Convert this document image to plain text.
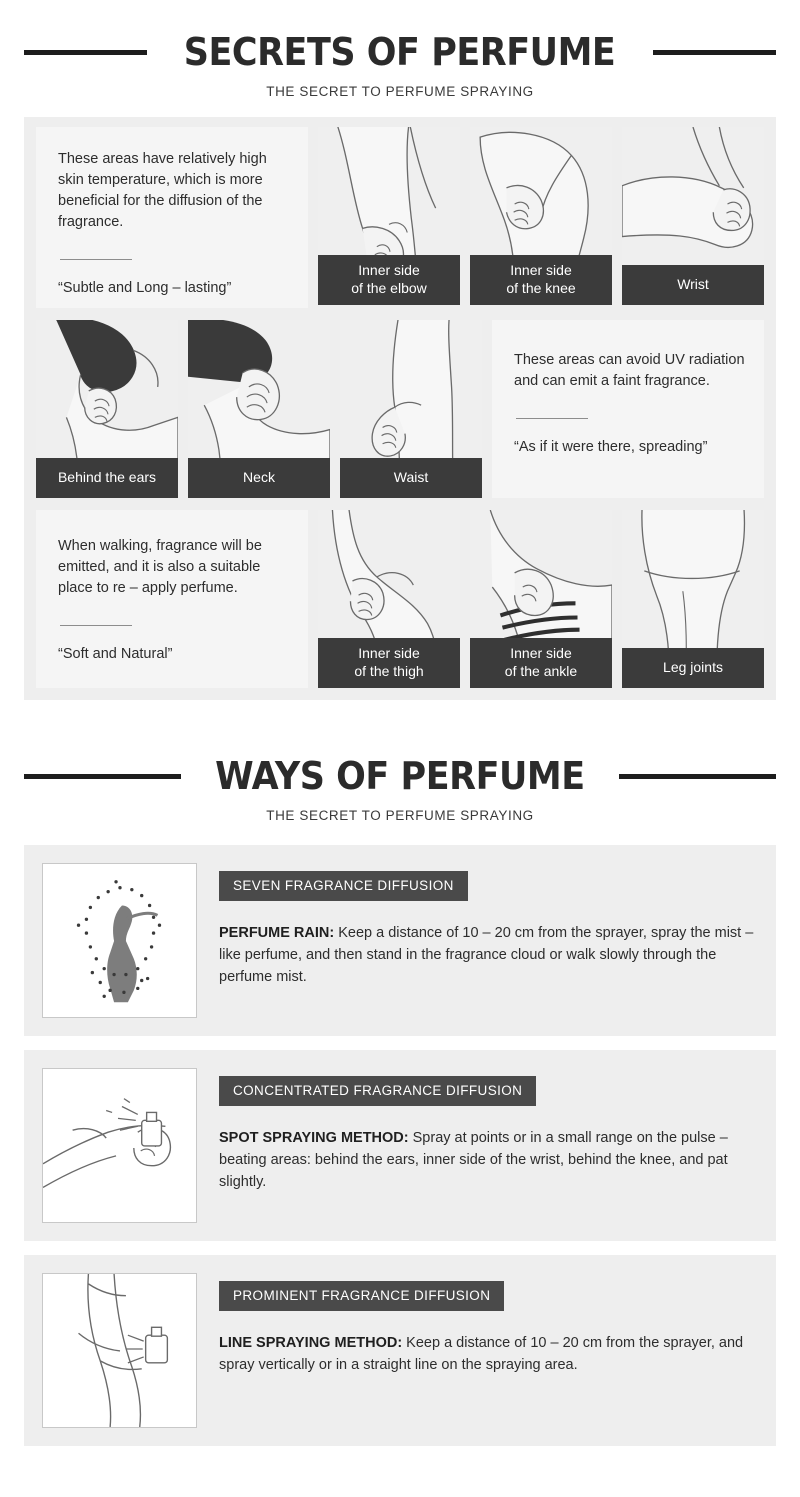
SECRETS OF PERFUME
THE SECRET TO PERFUME SPRAYING

These areas have relatively high skin temperature, which is more beneficial for the diffusion of the fragrance.

“Subtle and Long – lasting”
Inner side
of the elbow
Inner side
of the knee	Wrist
Behind the ears	Neck	Waist

These areas can avoid UV radiation and can emit a faint fragrance.

“As if it were there, spreading”

When walking, fragrance will be emitted, and it is also a suitable place to re – apply perfume.

“Soft and Natural”	Inner side
of the thigh
Inner side
of the ankle	Leg joints
WAYS OF PERFUME
THE SECRET TO PERFUME SPRAYING
SEVEN FRAGRANCE DIFFUSION

PERFUME RAIN: Keep a distance of 10 – 20 cm from the sprayer, spray the mist – like perfume, and then stand in the fragrance cloud or walk slowly through the perfume mist.

CONCENTRATED FRAGRANCE DIFFUSION

SPOT SPRAYING METHOD: Spray at points or in a small range on the pulse – beating areas: behind the ears, inner side of the wrist, behind the knee, and pat slightly.

PROMINENT FRAGRANCE DIFFUSION

LINE SPRAYING METHOD: Keep a distance of 10 – 20 cm from the sprayer, and spray vertically or in a straight line on the spraying area.
